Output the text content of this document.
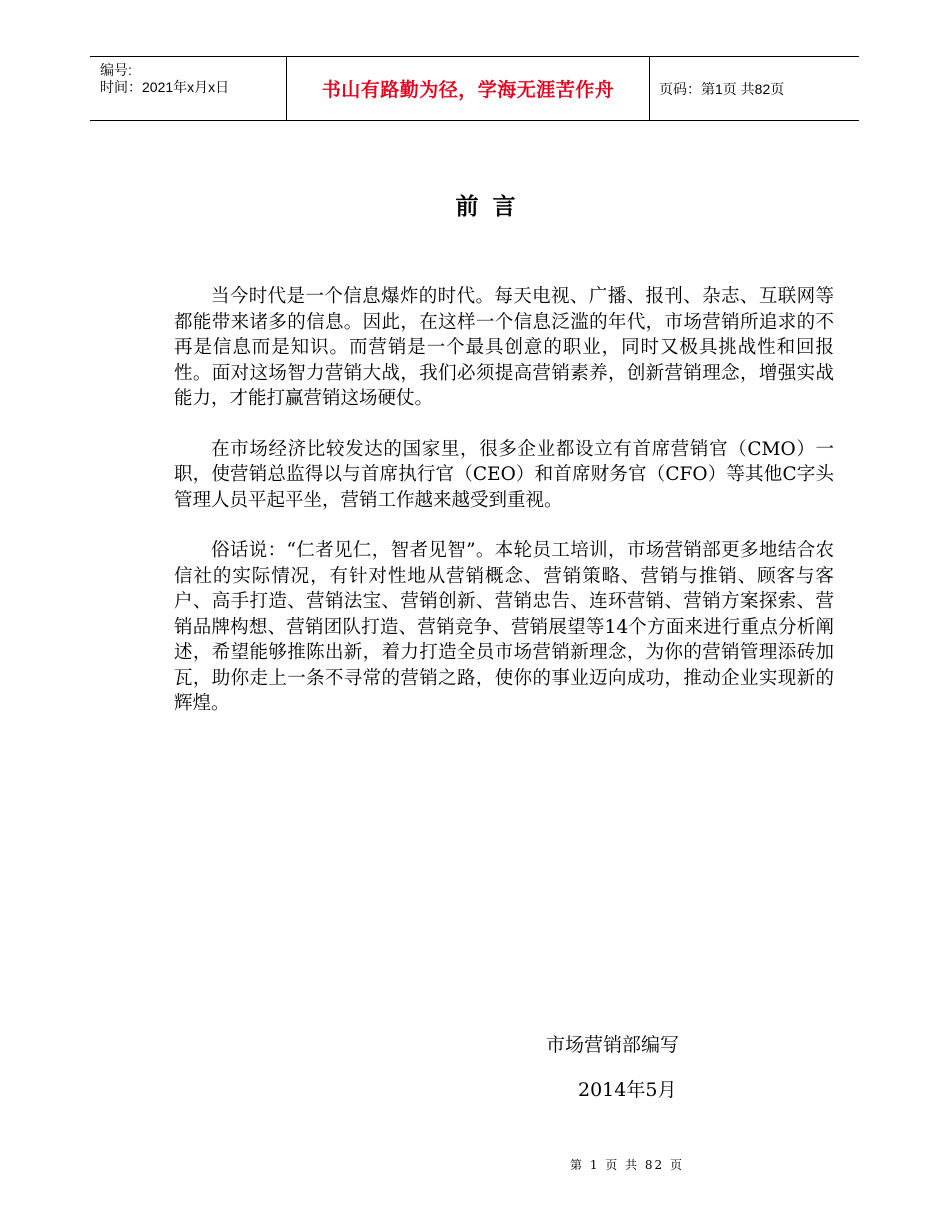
编号:
时间：2021年x月x日	书山有路勤为径，学海无涯苦作舟	页码：第1页 共82页
前言

当今时代是一个信息爆炸的时代。每天电视、广播、报刊、杂志、互联网等都能带来诸多的信息。因此，在这样一个信息泛滥的年代，市场营销所追求的不再是信息而是知识。而营销是一个最具创意的职业，同时又极具挑战性和回报性。面对这场智力营销大战，我们必须提高营销素养，创新营销理念，增强实战能力，才能打赢营销这场硬仗。

在市场经济比较发达的国家里，很多企业都设立有首席营销官（CMO）一职，使营销总监得以与首席执行官（CEO）和首席财务官（CFO）等其他C字头管理人员平起平坐，营销工作越来越受到重视。

俗话说：“仁者见仁，智者见智”。本轮员工培训，市场营销部更多地结合农信社的实际情况，有针对性地从营销概念、营销策略、营销与推销、顾客与客户、高手打造、营销法宝、营销创新、营销忠告、连环营销、营销方案探索、营销品牌构想、营销团队打造、营销竞争、营销展望等14个方面来进行重点分析阐述，希望能够推陈出新，着力打造全员市场营销新理念，为你的营销管理添砖加瓦，助你走上一条不寻常的营销之路，使你的事业迈向成功，推动企业实现新的辉煌。

市场营销部编写
2014年5月
第 1 页 共 82 页
